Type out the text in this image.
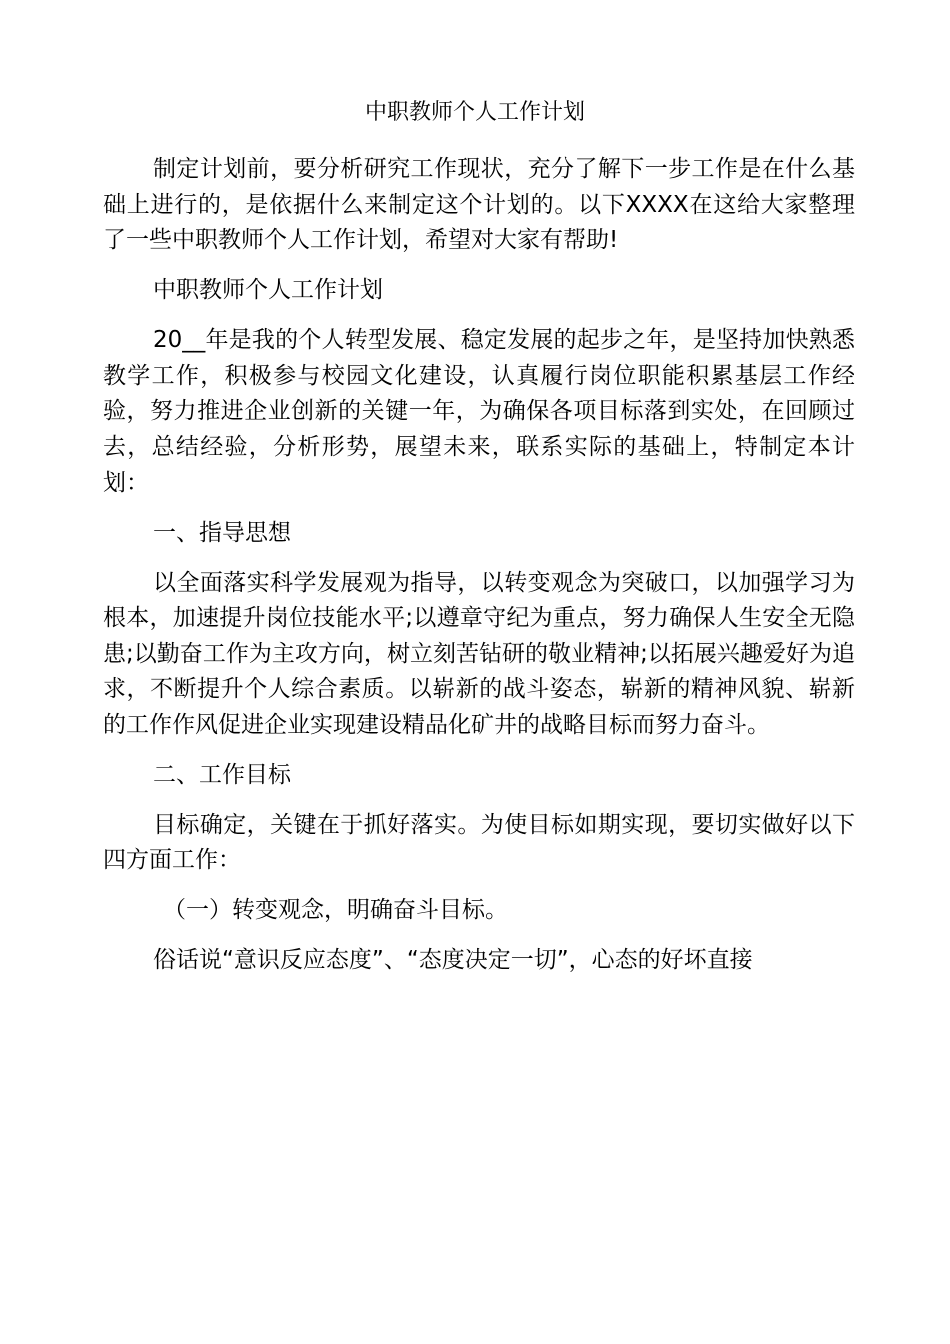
中职教师个人工作计划

制定计划前，要分析研究工作现状，充分了解下一步工作是在什么基础上进行的，是依据什么来制定这个计划的。以下XXXX在这给大家整理了一些中职教师个人工作计划，希望对大家有帮助!

中职教师个人工作计划

20__年是我的个人转型发展、稳定发展的起步之年，是坚持加快熟悉教学工作，积极参与校园文化建设，认真履行岗位职能积累基层工作经验，努力推进企业创新的关键一年，为确保各项目标落到实处，在回顾过去，总结经验，分析形势，展望未来，联系实际的基础上，特制定本计划：

一、指导思想

以全面落实科学发展观为指导，以转变观念为突破口，以加强学习为根本，加速提升岗位技能水平;以遵章守纪为重点，努力确保人生安全无隐患;以勤奋工作为主攻方向，树立刻苦钻研的敬业精神;以拓展兴趣爱好为追求，不断提升个人综合素质。以崭新的战斗姿态，崭新的精神风貌、崭新的工作作风促进企业实现建设精品化矿井的战略目标而努力奋斗。

二、工作目标

目标确定，关键在于抓好落实。为使目标如期实现，要切实做好以下四方面工作：

（一）转变观念，明确奋斗目标。

俗话说“意识反应态度”、“态度决定一切”，心态的好坏直接
